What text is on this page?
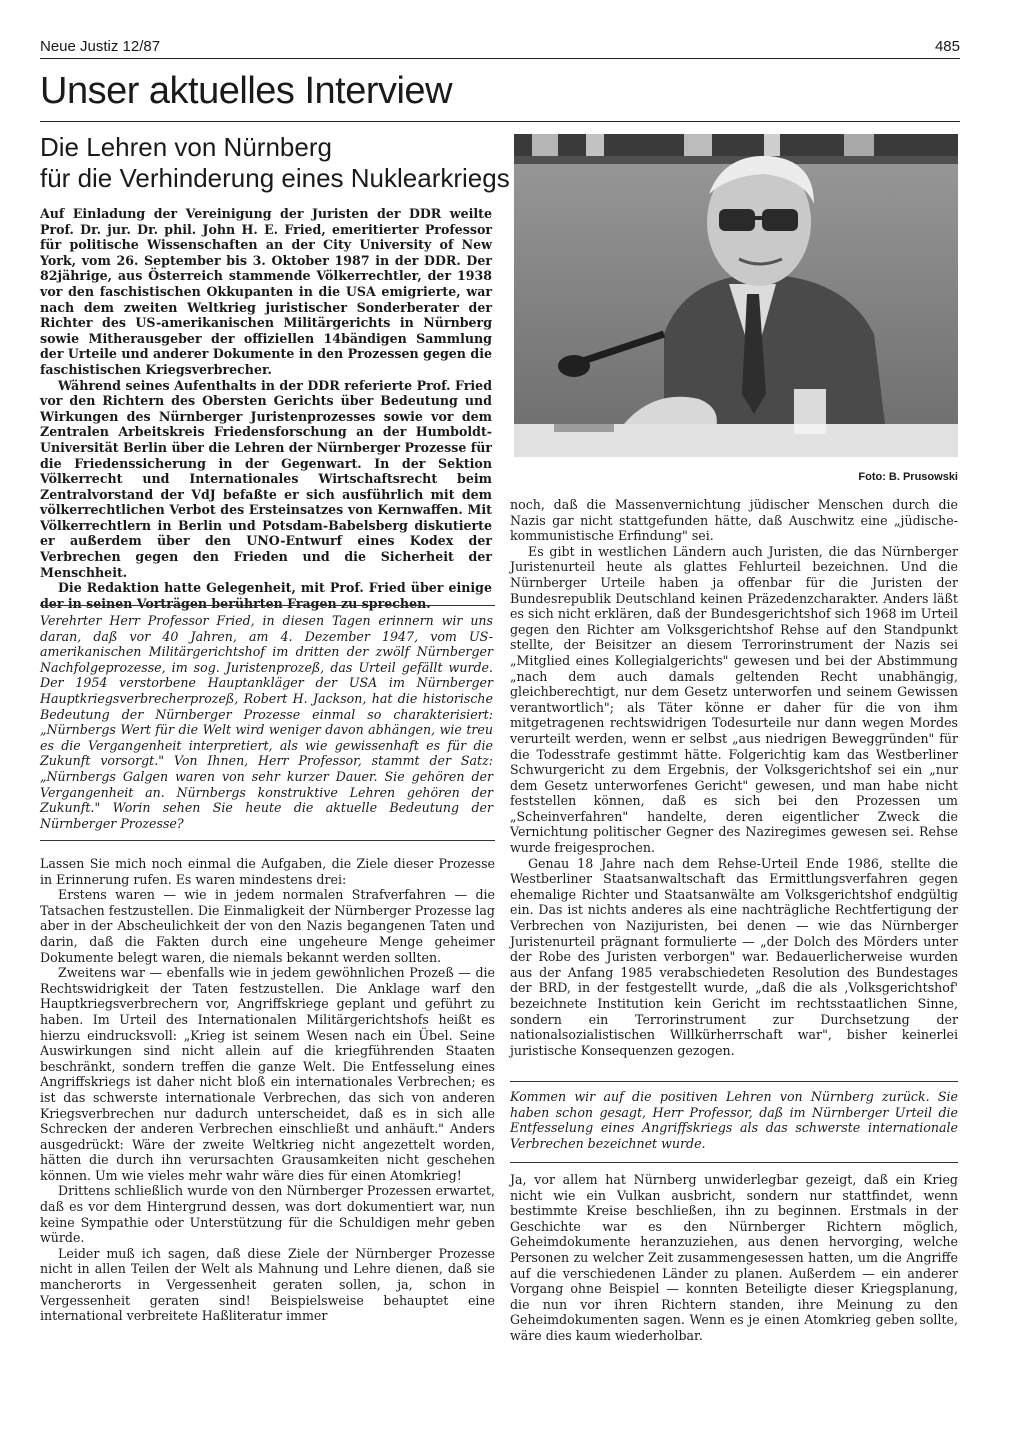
Neue Justiz 12/87	485
Unser aktuelles Interview
Die Lehren von Nürnberg
für die Verhinderung eines Nuklearkriegs

Auf Einladung der Vereinigung der Juristen der DDR weilte Prof. Dr. jur. Dr. phil. John H. E. Fried, emeritierter Professor für politische Wissenschaften an der City University of New York, vom 26. September bis 3. Oktober 1987 in der DDR. Der 82jährige, aus Österreich stammende Völkerrechtler, der 1938 vor den faschistischen Okkupanten in die USA emigrierte, war nach dem zweiten Weltkrieg juristischer Sonderberater der Richter des US-amerikanischen Militärgerichts in Nürnberg sowie Mitherausgeber der offiziellen 14bändigen Sammlung der Urteile und anderer Dokumente in den Prozessen gegen die faschistischen Kriegsverbrecher.

Während seines Aufenthalts in der DDR referierte Prof. Fried vor den Richtern des Obersten Gerichts über Bedeutung und Wirkungen des Nürnberger Juristenprozesses sowie vor dem Zentralen Arbeitskreis Friedensforschung an der Humboldt-Universität Berlin über die Lehren der Nürnberger Prozesse für die Friedenssicherung in der Gegenwart. In der Sektion Völkerrecht und Internationales Wirtschaftsrecht beim Zentralvorstand der VdJ befaßte er sich ausführlich mit dem völkerrechtlichen Verbot des Ersteinsatzes von Kernwaffen. Mit Völkerrechtlern in Berlin und Potsdam-Babelsberg diskutierte er außerdem über den UNO-Entwurf eines Kodex der Verbrechen gegen den Frieden und die Sicherheit der Menschheit.

Die Redaktion hatte Gelegenheit, mit Prof. Fried über einige der in seinen Vorträgen berührten Fragen zu sprechen.

Foto: B. Prusowski

Verehrter Herr Professor Fried, in diesen Tagen erinnern wir uns daran, daß vor 40 Jahren, am 4. Dezember 1947, vom US-amerikanischen Militärgerichtshof im dritten der zwölf Nürnberger Nachfolgeprozesse, im sog. Juristenprozeß, das Urteil gefällt wurde. Der 1954 verstorbene Hauptankläger der USA im Nürnberger Hauptkriegsverbrecherprozeß, Robert H. Jackson, hat die historische Bedeutung der Nürnberger Prozesse einmal so charakterisiert: „Nürnbergs Wert für die Welt wird weniger davon abhängen, wie treu es die Vergangenheit interpretiert, als wie gewissenhaft es für die Zukunft vorsorgt." Von Ihnen, Herr Professor, stammt der Satz: „Nürnbergs Galgen waren von sehr kurzer Dauer. Sie gehören der Vergangenheit an. Nürnbergs konstruktive Lehren gehören der Zukunft." Worin sehen Sie heute die aktuelle Bedeutung der Nürnberger Prozesse?

Lassen Sie mich noch einmal die Aufgaben, die Ziele dieser Prozesse in Erinnerung rufen. Es waren mindestens drei:

Erstens waren — wie in jedem normalen Strafverfahren — die Tatsachen festzustellen. Die Einmaligkeit der Nürnberger Prozesse lag aber in der Abscheulichkeit der von den Nazis begangenen Taten und darin, daß die Fakten durch eine ungeheure Menge geheimer Dokumente belegt waren, die niemals bekannt werden sollten.

Zweitens war — ebenfalls wie in jedem gewöhnlichen Prozeß — die Rechtswidrigkeit der Taten festzustellen. Die Anklage warf den Hauptkriegsverbrechern vor, Angriffskriege geplant und geführt zu haben. Im Urteil des Internationalen Militärgerichtshofs heißt es hierzu eindrucksvoll: „Krieg ist seinem Wesen nach ein Übel. Seine Auswirkungen sind nicht allein auf die kriegführenden Staaten beschränkt, sondern treffen die ganze Welt. Die Entfesselung eines Angriffskriegs ist daher nicht bloß ein internationales Verbrechen; es ist das schwerste internationale Verbrechen, das sich von anderen Kriegsverbrechen nur dadurch unterscheidet, daß es in sich alle Schrecken der anderen Verbrechen einschließt und anhäuft." Anders ausgedrückt: Wäre der zweite Weltkrieg nicht angezettelt worden, hätten die durch ihn verursachten Grausamkeiten nicht geschehen können. Um wie vieles mehr wahr wäre dies für einen Atomkrieg!

Drittens schließlich wurde von den Nürnberger Prozessen erwartet, daß es vor dem Hintergrund dessen, was dort dokumentiert war, nun keine Sympathie oder Unterstützung für die Schuldigen mehr geben würde.

Leider muß ich sagen, daß diese Ziele der Nürnberger Prozesse nicht in allen Teilen der Welt als Mahnung und Lehre dienen, daß sie mancherorts in Vergessenheit geraten sollen, ja, schon in Vergessenheit geraten sind! Beispielsweise behauptet eine international verbreitete Haßliteratur immer

noch, daß die Massenvernichtung jüdischer Menschen durch die Nazis gar nicht stattgefunden hätte, daß Auschwitz eine „jüdische-kommunistische Erfindung" sei.

Es gibt in westlichen Ländern auch Juristen, die das Nürnberger Juristenurteil heute als glattes Fehlurteil bezeichnen. Und die Nürnberger Urteile haben ja offenbar für die Juristen der Bundesrepublik Deutschland keinen Präzedenzcharakter. Anders läßt es sich nicht erklären, daß der Bundesgerichtshof sich 1968 im Urteil gegen den Richter am Volksgerichtshof Rehse auf den Standpunkt stellte, der Beisitzer an diesem Terrorinstrument der Nazis sei „Mitglied eines Kollegialgerichts" gewesen und bei der Abstimmung „nach dem auch damals geltenden Recht unabhängig, gleichberechtigt, nur dem Gesetz unterworfen und seinem Gewissen verantwortlich"; als Täter könne er daher für die von ihm mitgetragenen rechtswidrigen Todesurteile nur dann wegen Mordes verurteilt werden, wenn er selbst „aus niedrigen Beweggründen" für die Todesstrafe gestimmt hätte. Folgerichtig kam das Westberliner Schwurgericht zu dem Ergebnis, der Volksgerichtshof sei ein „nur dem Gesetz unterworfenes Gericht" gewesen, und man habe nicht feststellen können, daß es sich bei den Prozessen um „Scheinverfahren" handelte, deren eigentlicher Zweck die Vernichtung politischer Gegner des Naziregimes gewesen sei. Rehse wurde freigesprochen.

Genau 18 Jahre nach dem Rehse-Urteil Ende 1986, stellte die Westberliner Staatsanwaltschaft das Ermittlungsverfahren gegen ehemalige Richter und Staatsanwälte am Volksgerichtshof endgültig ein. Das ist nichts anderes als eine nachträgliche Rechtfertigung der Verbrechen von Nazijuristen, bei denen — wie das Nürnberger Juristenurteil prägnant formulierte — „der Dolch des Mörders unter der Robe des Juristen verborgen" war. Bedauerlicherweise wurden aus der Anfang 1985 verabschiedeten Resolution des Bundestages der BRD, in der festgestellt wurde, „daß die als ‚Volksgerichtshof' bezeichnete Institution kein Gericht im rechtsstaatlichen Sinne, sondern ein Terrorinstrument zur Durchsetzung der nationalsozialistischen Willkürherrschaft war", bisher keinerlei juristische Konsequenzen gezogen.

Kommen wir auf die positiven Lehren von Nürnberg zurück. Sie haben schon gesagt, Herr Professor, daß im Nürnberger Urteil die Entfesselung eines Angriffskriegs als das schwerste internationale Verbrechen bezeichnet wurde.

Ja, vor allem hat Nürnberg unwiderlegbar gezeigt, daß ein Krieg nicht wie ein Vulkan ausbricht, sondern nur stattfindet, wenn bestimmte Kreise beschließen, ihn zu beginnen. Erstmals in der Geschichte war es den Nürnberger Richtern möglich, Geheimdokumente heranzuziehen, aus denen hervorging, welche Personen zu welcher Zeit zusammengesessen hatten, um die Angriffe auf die verschiedenen Länder zu planen. Außerdem — ein anderer Vorgang ohne Beispiel — konnten Beteiligte dieser Kriegsplanung, die nun vor ihren Richtern standen, ihre Meinung zu den Geheimdokumenten sagen. Wenn es je einen Atomkrieg geben sollte, wäre dies kaum wiederholbar.
